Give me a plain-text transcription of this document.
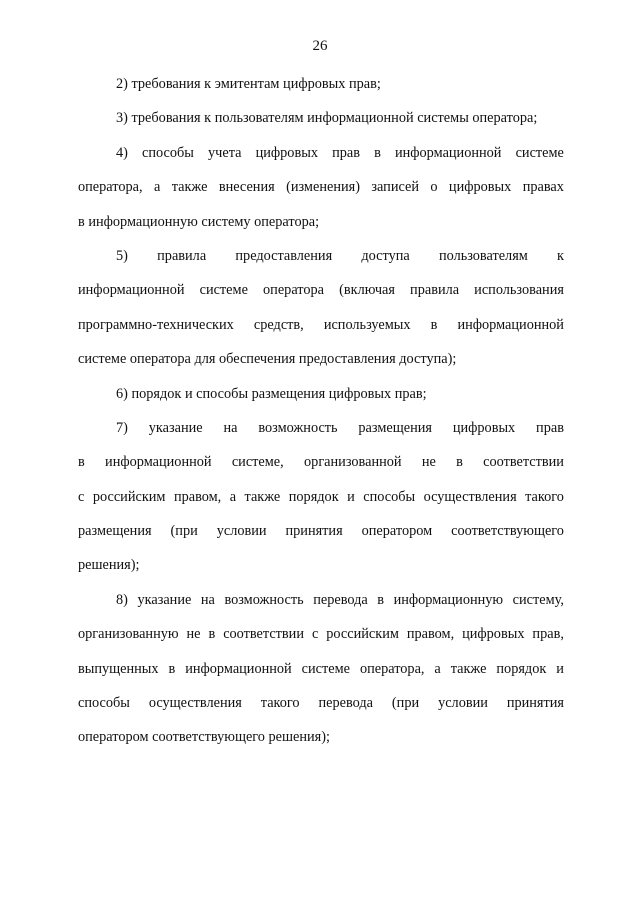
26
2) требования к эмитентам цифровых прав;
3) требования к пользователям информационной системы оператора;
4) способы учета цифровых прав в информационной системе
оператора, а также внесения (изменения) записей о цифровых правах
в информационную систему оператора;
5) правила предоставления доступа пользователям к
информационной системе оператора (включая правила использования
программно-технических средств, используемых в информационной
системе оператора для обеспечения предоставления доступа);
6) порядок и способы размещения цифровых прав;
7) указание на возможность размещения цифровых прав
в информационной системе, организованной не в соответствии
с российским правом, а также порядок и способы осуществления такого
размещения (при условии принятия оператором соответствующего
решения);
8) указание на возможность перевода в информационную систему,
организованную не в соответствии с российским правом, цифровых прав,
выпущенных в информационной системе оператора, а также порядок и
способы осуществления такого перевода (при условии принятия
оператором соответствующего решения);
